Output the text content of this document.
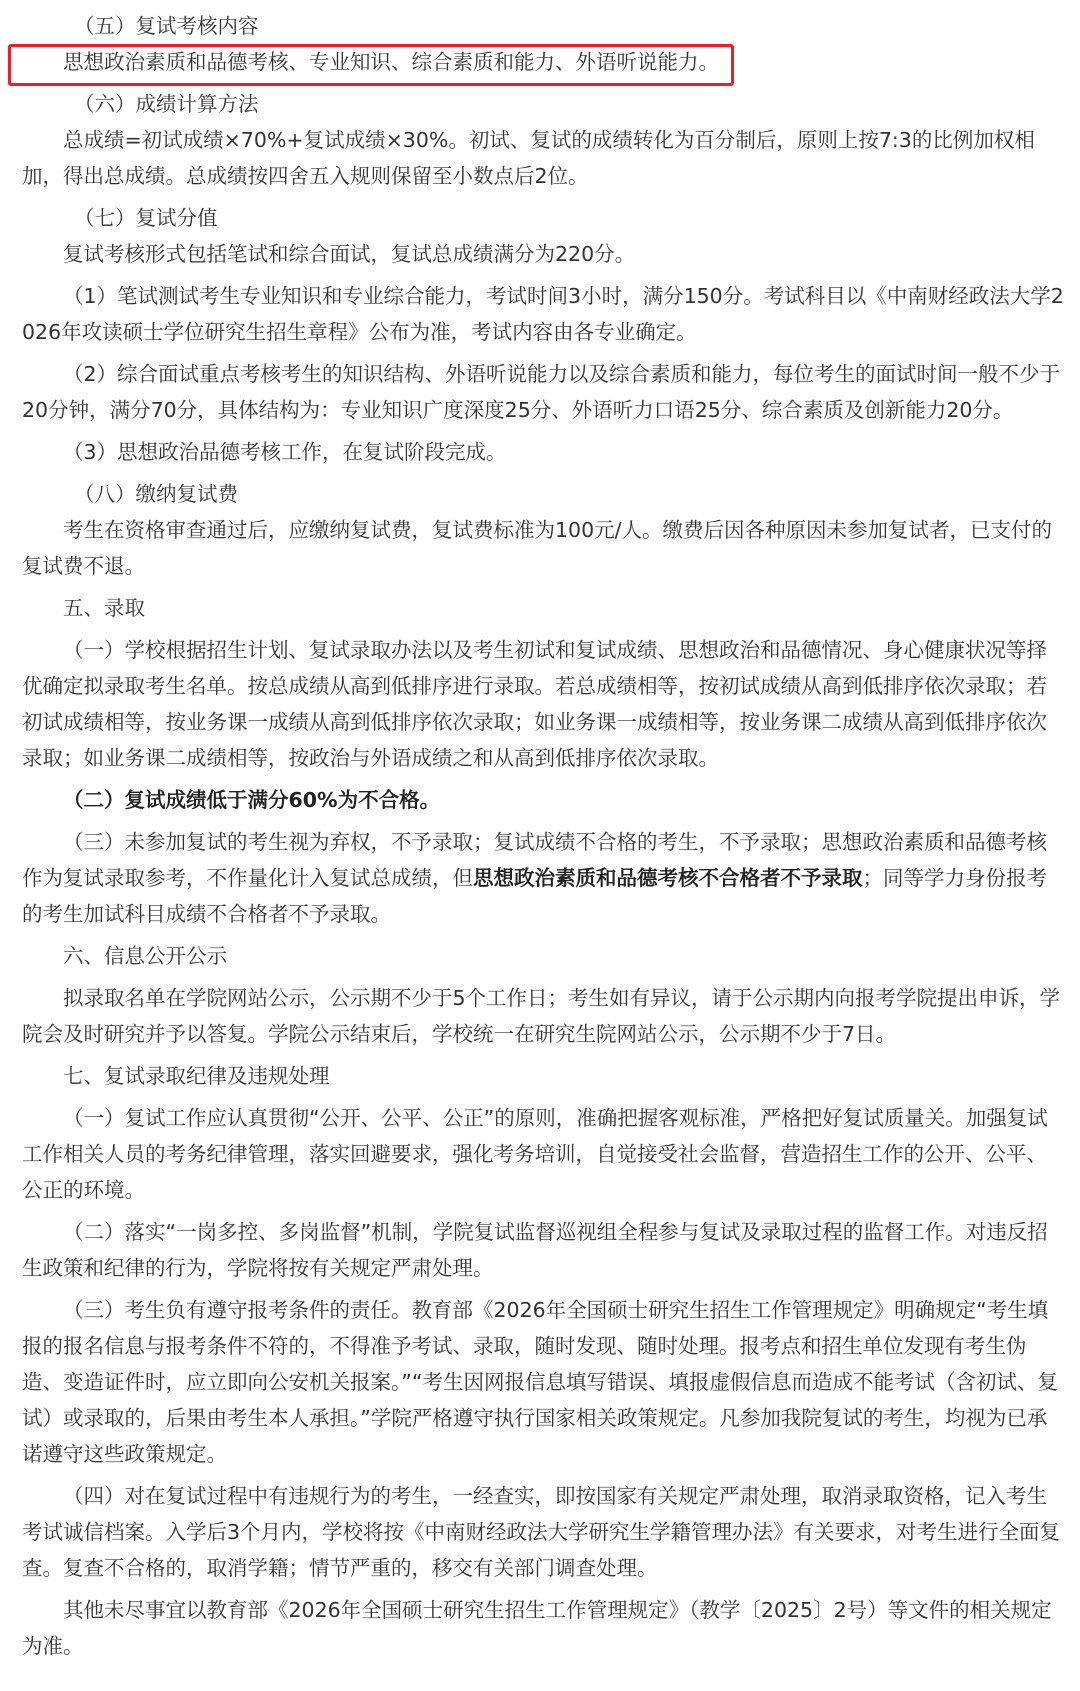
（五）复试考核内容

思想政治素质和品德考核、专业知识、综合素质和能力、外语听说能力。

（六）成绩计算方法

总成绩=初试成绩×70%+复试成绩×30%。初试、复试的成绩转化为百分制后，原则上按7:3的比例加权相加，得出总成绩。总成绩按四舍五入规则保留至小数点后2位。

（七）复试分值

复试考核形式包括笔试和综合面试，复试总成绩满分为220分。

（1）笔试测试考生专业知识和专业综合能力，考试时间3小时，满分150分。考试科目以《中南财经政法大学2026年攻读硕士学位研究生招生章程》公布为准，考试内容由各专业确定。

（2）综合面试重点考核考生的知识结构、外语听说能力以及综合素质和能力，每位考生的面试时间一般不少于20分钟，满分70分，具体结构为：专业知识广度深度25分、外语听力口语25分、综合素质及创新能力20分。

（3）思想政治品德考核工作，在复试阶段完成。

（八）缴纳复试费

考生在资格审查通过后，应缴纳复试费，复试费标准为100元/人。缴费后因各种原因未参加复试者，已支付的复试费不退。

五、录取

（一）学校根据招生计划、复试录取办法以及考生初试和复试成绩、思想政治和品德情况、身心健康状况等择优确定拟录取考生名单。按总成绩从高到低排序进行录取。若总成绩相等，按初试成绩从高到低排序依次录取；若初试成绩相等，按业务课一成绩从高到低排序依次录取；如业务课一成绩相等，按业务课二成绩从高到低排序依次录取；如业务课二成绩相等，按政治与外语成绩之和从高到低排序依次录取。

（二）复试成绩低于满分60%为不合格。

（三）未参加复试的考生视为弃权，不予录取；复试成绩不合格的考生，不予录取；思想政治素质和品德考核作为复试录取参考，不作量化计入复试总成绩，但思想政治素质和品德考核不合格者不予录取；同等学力身份报考的考生加试科目成绩不合格者不予录取。

六、信息公开公示

拟录取名单在学院网站公示，公示期不少于5个工作日；考生如有异议，请于公示期内向报考学院提出申诉，学院会及时研究并予以答复。学院公示结束后，学校统一在研究生院网站公示，公示期不少于7日。

七、复试录取纪律及违规处理

（一）复试工作应认真贯彻“公开、公平、公正”的原则，准确把握客观标准，严格把好复试质量关。加强复试工作相关人员的考务纪律管理，落实回避要求，强化考务培训，自觉接受社会监督，营造招生工作的公开、公平、公正的环境。

（二）落实“一岗多控、多岗监督”机制，学院复试监督巡视组全程参与复试及录取过程的监督工作。对违反招生政策和纪律的行为，学院将按有关规定严肃处理。

（三）考生负有遵守报考条件的责任。教育部《2026年全国硕士研究生招生工作管理规定》明确规定“考生填报的报名信息与报考条件不符的，不得准予考试、录取，随时发现、随时处理。报考点和招生单位发现有考生伪造、变造证件时，应立即向公安机关报案。”“考生因网报信息填写错误、填报虚假信息而造成不能考试（含初试、复试）或录取的，后果由考生本人承担。”学院严格遵守执行国家相关政策规定。凡参加我院复试的考生，均视为已承诺遵守这些政策规定。

（四）对在复试过程中有违规行为的考生，一经查实，即按国家有关规定严肃处理，取消录取资格，记入考生考试诚信档案。入学后3个月内，学校将按《中南财经政法大学研究生学籍管理办法》有关要求，对考生进行全面复查。复查不合格的，取消学籍；情节严重的，移交有关部门调查处理。

其他未尽事宜以教育部《2026年全国硕士研究生招生工作管理规定》（教学〔2025〕2号）等文件的相关规定为准。
